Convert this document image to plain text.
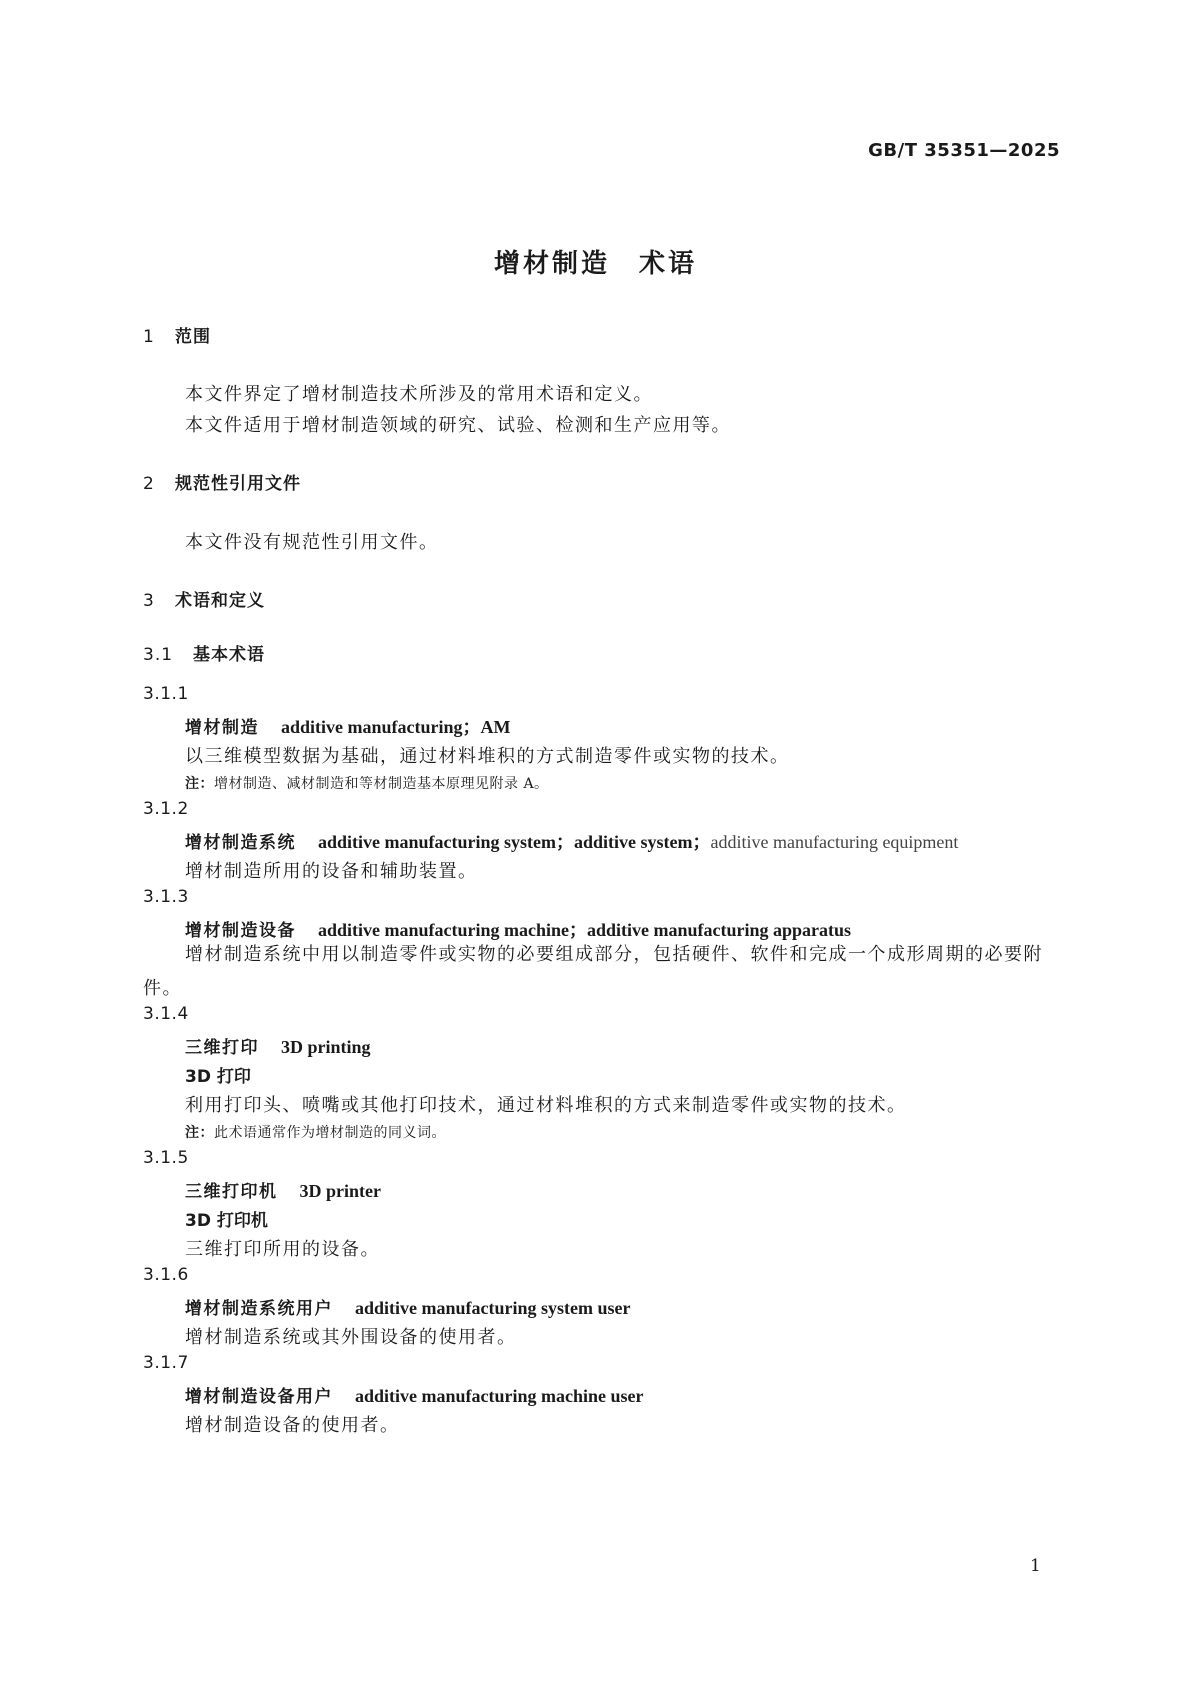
GB/T 35351—2025
增材制造　术语
1 范围
本文件界定了增材制造技术所涉及的常用术语和定义。
本文件适用于增材制造领域的研究、试验、检测和生产应用等。
2 规范性引用文件
本文件没有规范性引用文件。
3 术语和定义
3.1 基本术语
3.1.1
增材制造 additive manufacturing；AM
以三维模型数据为基础，通过材料堆积的方式制造零件或实物的技术。
注：增材制造、减材制造和等材制造基本原理见附录 A。
3.1.2
增材制造系统 additive manufacturing system；additive system；additive manufacturing equipment
增材制造所用的设备和辅助装置。
3.1.3
增材制造设备 additive manufacturing machine；additive manufacturing apparatus
增材制造系统中用以制造零件或实物的必要组成部分，包括硬件、软件和完成一个成形周期的必要附件。
3.1.4
三维打印 3D printing
3D 打印
利用打印头、喷嘴或其他打印技术，通过材料堆积的方式来制造零件或实物的技术。
注：此术语通常作为增材制造的同义词。
3.1.5
三维打印机 3D printer
3D 打印机
三维打印所用的设备。
3.1.6
增材制造系统用户 additive manufacturing system user
增材制造系统或其外围设备的使用者。
3.1.7
增材制造设备用户 additive manufacturing machine user
增材制造设备的使用者。
1
